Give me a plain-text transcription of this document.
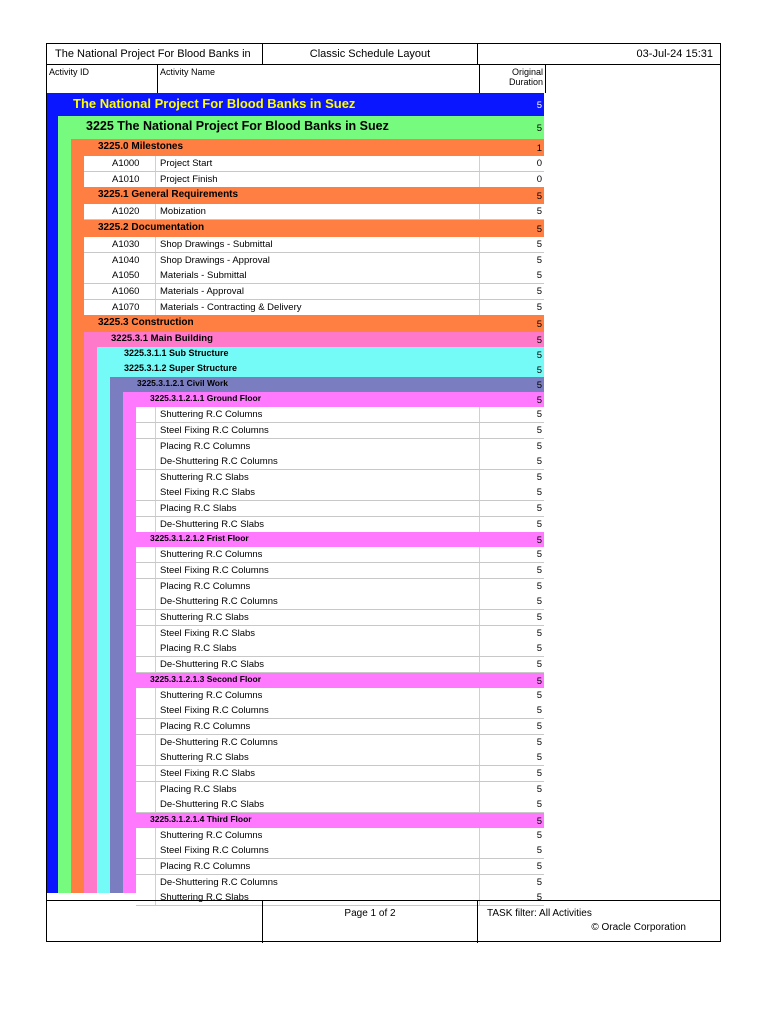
The National Project For Blood Banks in Suez	5
3225 The National Project For Blood Banks in Suez	5
3225.0 Milestones	1
A1000 Project Start	0
A1010 Project Finish	0
3225.1 General Requirements	5
A1020 Mobization	5
3225.2 Documentation	5
A1030 Shop Drawings - Submittal	5
A1040 Shop Drawings - Approval	5
A1050 Materials - Submittal	5
A1060 Materials - Approval	5
A1070 Materials - Contracting & Delivery	5
3225.3 Construction	5
3225.3.1 Main Building	5
3225.3.1.1 Sub Structure	5
3225.3.1.2 Super Structure	5
3225.3.1.2.1 Civil Work	5
3225.3.1.2.1.1 Ground Floor	5
Shuttering R.C Columns	5
Steel Fixing R.C Columns	5
Placing R.C Columns	5
De-Shuttering R.C Columns	5
Shuttering R.C Slabs	5
Steel Fixing R.C Slabs	5
Placing R.C Slabs	5
De-Shuttering R.C Slabs	5
3225.3.1.2.1.2 Frist Floor	5
Shuttering R.C Columns	5
Steel Fixing R.C Columns	5
Placing R.C Columns	5
De-Shuttering R.C Columns	5
Shuttering R.C Slabs	5
Steel Fixing R.C Slabs	5
Placing R.C Slabs	5
De-Shuttering R.C Slabs	5
3225.3.1.2.1.3 Second Floor	5
Shuttering R.C Columns	5
Steel Fixing R.C Columns	5
Placing R.C Columns	5
De-Shuttering R.C Columns	5
Shuttering R.C Slabs	5
Steel Fixing R.C Slabs	5
Placing R.C Slabs	5
De-Shuttering R.C Slabs	5
3225.3.1.2.1.4 Third Floor	5
Shuttering R.C Columns	5
Steel Fixing R.C Columns	5
Placing R.C Columns	5
De-Shuttering R.C Columns	5
Shuttering R.C Slabs	5
The National Project For Blood Banks in	Classic Schedule Layout	03-Jul-24 15:31
Activity ID	Activity Name	Original
Duration
Page 1 of 2	TASK filter: All Activities
© Oracle Corporation
